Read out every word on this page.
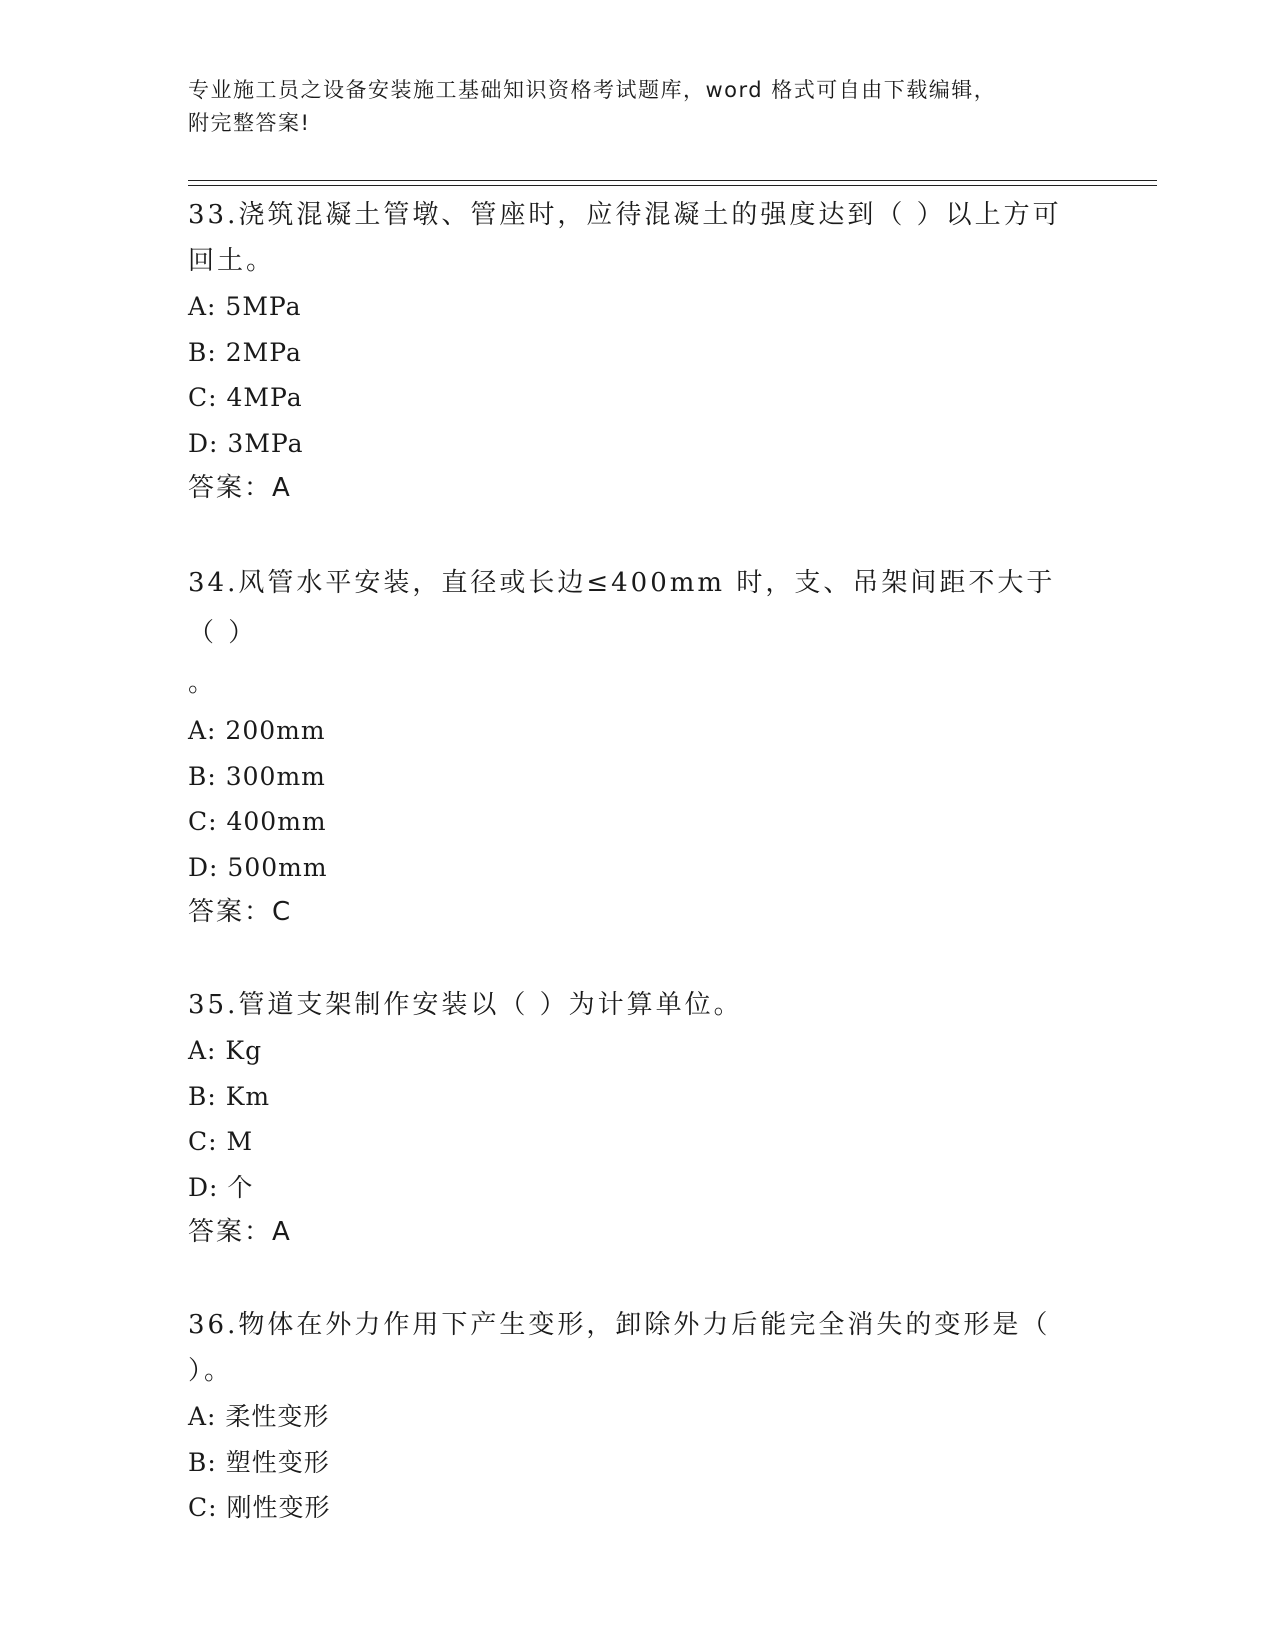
专业施工员之设备安装施工基础知识资格考试题库，word 格式可自由下载编辑，
附完整答案!
33.浇筑混凝土管墩、管座时，应待混凝土的强度达到（ ）以上方可
回土。
A: 5MPa
B: 2MPa
C: 4MPa
D: 3MPa
答案：A
34.风管水平安装，直径或长边≤400mm 时，支、吊架间距不大于（ ）
。
A: 200mm
B: 300mm
C: 400mm
D: 500mm
答案：C
35.管道支架制作安装以（ ）为计算单位。
A: Kg
B: Km
C: M
D: 个
答案：A
36.物体在外力作用下产生变形，卸除外力后能完全消失的变形是（
）。
A: 柔性变形
B: 塑性变形
C: 刚性变形
